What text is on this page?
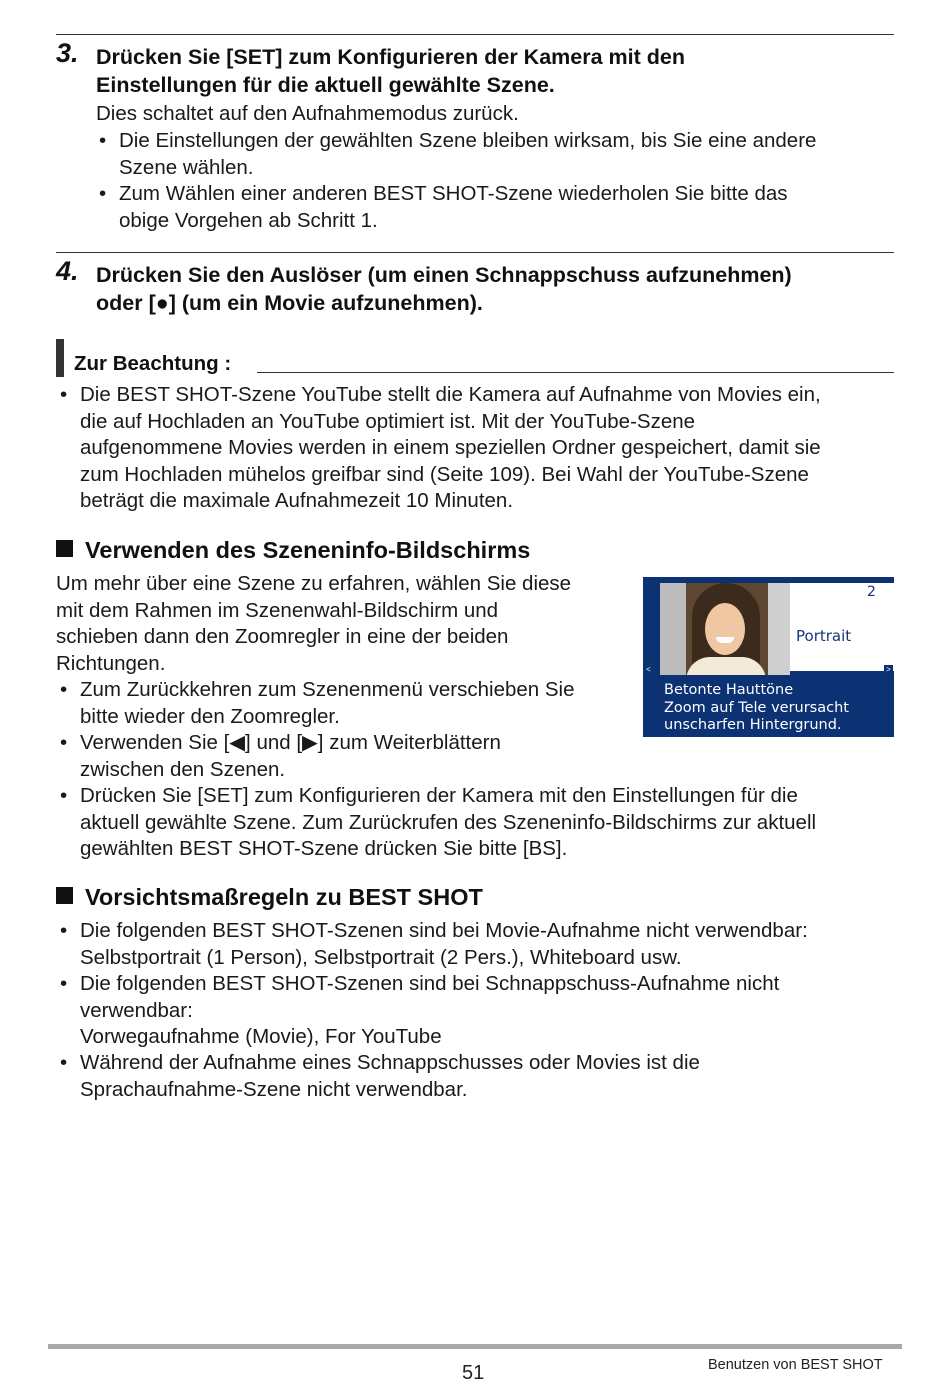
3. Drücken Sie [SET] zum Konfigurieren der Kamera mit den
Einstellungen für die aktuell gewählte Szene.
Dies schaltet auf den Aufnahmemodus zurück.
• Die Einstellungen der gewählten Szene bleiben wirksam, bis Sie eine andere
Szene wählen.
• Zum Wählen einer anderen BEST SHOT-Szene wiederholen Sie bitte das
obige Vorgehen ab Schritt 1.
4. Drücken Sie den Auslöser (um einen Schnappschuss aufzunehmen)
oder [●] (um ein Movie aufzunehmen).
Zur Beachtung :
• Die BEST SHOT-Szene YouTube stellt die Kamera auf Aufnahme von Movies ein,
die auf Hochladen an YouTube optimiert ist. Mit der YouTube-Szene
aufgenommene Movies werden in einem speziellen Ordner gespeichert, damit sie
zum Hochladen mühelos greifbar sind (Seite 109). Bei Wahl der YouTube-Szene
beträgt die maximale Aufnahmezeit 10 Minuten.
Verwenden des Szeneninfo-Bildschirms
Um mehr über eine Szene zu erfahren, wählen Sie diese
mit dem Rahmen im Szenenwahl-Bildschirm und
schieben dann den Zoomregler in eine der beiden
Richtungen.
• Zum Zurückkehren zum Szenenmenü verschieben Sie
bitte wieder den Zoomregler.
• Verwenden Sie [◀] und [▶] zum Weiterblättern
zwischen den Szenen.
• Drücken Sie [SET] zum Konfigurieren der Kamera mit den Einstellungen für die
aktuell gewählte Szene. Zum Zurückrufen des Szeneninfo-Bildschirms zur aktuell
gewählten BEST SHOT-Szene drücken Sie bitte [BS].
2
Portrait
<	>
Betonte Hauttöne
Zoom auf Tele verursacht
unscharfen Hintergrund.
Vorsichtsmaßregeln zu BEST SHOT
• Die folgenden BEST SHOT-Szenen sind bei Movie-Aufnahme nicht verwendbar:
Selbstportrait (1 Person), Selbstportrait (2 Pers.), Whiteboard usw.
• Die folgenden BEST SHOT-Szenen sind bei Schnappschuss-Aufnahme nicht
verwendbar:
Vorwegaufnahme (Movie), For YouTube
• Während der Aufnahme eines Schnappschusses oder Movies ist die
Sprachaufnahme-Szene nicht verwendbar.
51	Benutzen von BEST SHOT
